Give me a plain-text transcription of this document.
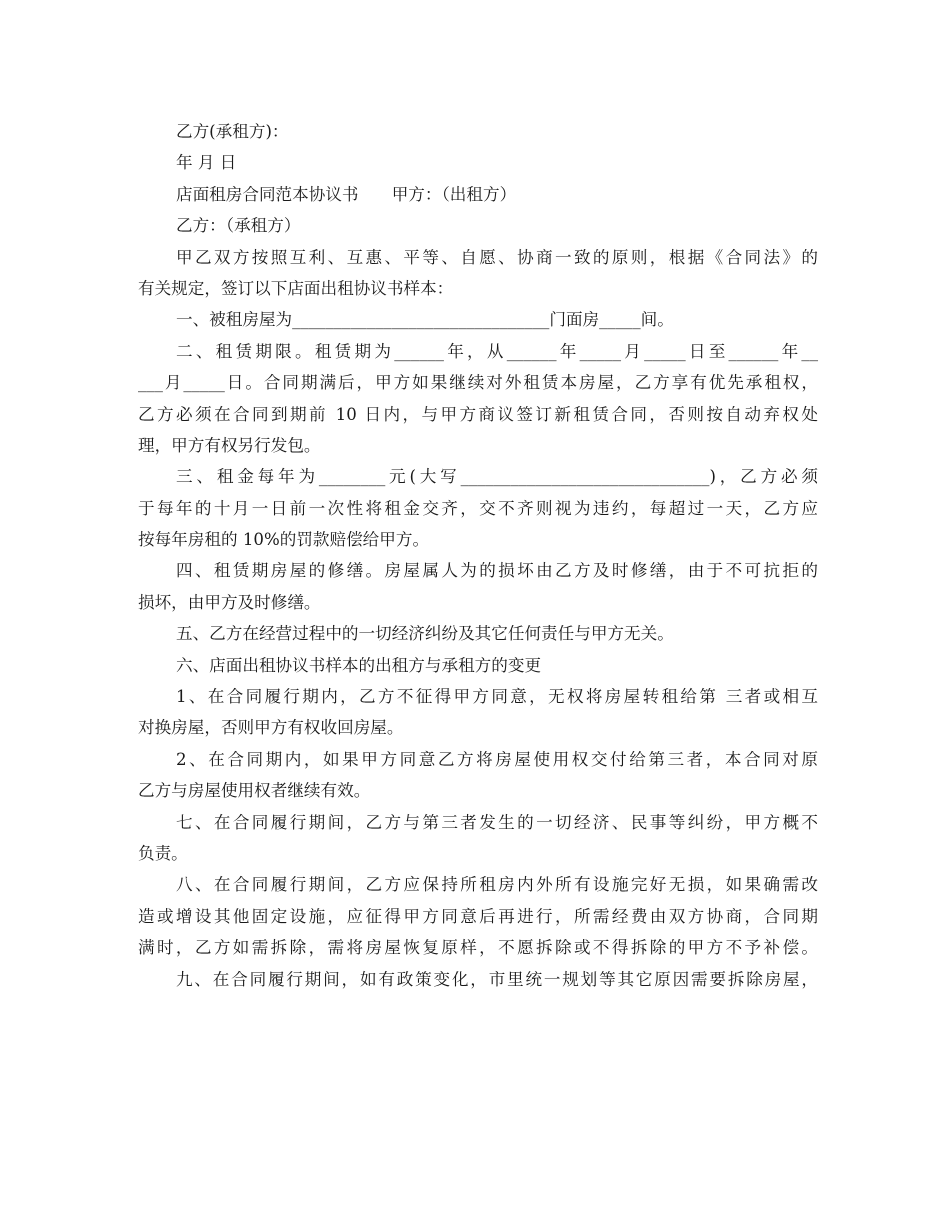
乙方(承租方)：
年 月 日
店面租房合同范本协议书　　甲方：（出租方）
乙方：（承租方）
甲乙双方按照互利、互惠、平等、自愿、协商一致的原则，根据《合同法》的
有关规定，签订以下店面出租协议书样本：
一、被租房屋为_______________________________门面房_____间。
二、租赁期限。租赁期为______年，从______年_____月_____日至______年__
___月_____日。合同期满后，甲方如果继续对外租赁本房屋，乙方享有优先承租权，
乙方必须在合同到期前 10 日内，与甲方商议签订新租赁合同，否则按自动弃权处
理，甲方有权另行发包。
三、租金每年为________元(大写______________________________)，乙方必须
于每年的十月一日前一次性将租金交齐，交不齐则视为违约，每超过一天，乙方应
按每年房租的 10%的罚款赔偿给甲方。
四、租赁期房屋的修缮。房屋属人为的损坏由乙方及时修缮，由于不可抗拒的
损坏，由甲方及时修缮。
五、乙方在经营过程中的一切经济纠纷及其它任何责任与甲方无关。
六、店面出租协议书样本的出租方与承租方的变更
1、在合同履行期内，乙方不征得甲方同意，无权将房屋转租给第 三者或相互
对换房屋，否则甲方有权收回房屋。
2、在合同期内，如果甲方同意乙方将房屋使用权交付给第三者，本合同对原
乙方与房屋使用权者继续有效。
七、在合同履行期间，乙方与第三者发生的一切经济、民事等纠纷，甲方概不
负责。
八、在合同履行期间，乙方应保持所租房内外所有设施完好无损，如果确需改
造或增设其他固定设施，应征得甲方同意后再进行，所需经费由双方协商，合同期
满时，乙方如需拆除，需将房屋恢复原样，不愿拆除或不得拆除的甲方不予补偿。
九、在合同履行期间，如有政策变化，市里统一规划等其它原因需要拆除房屋，
